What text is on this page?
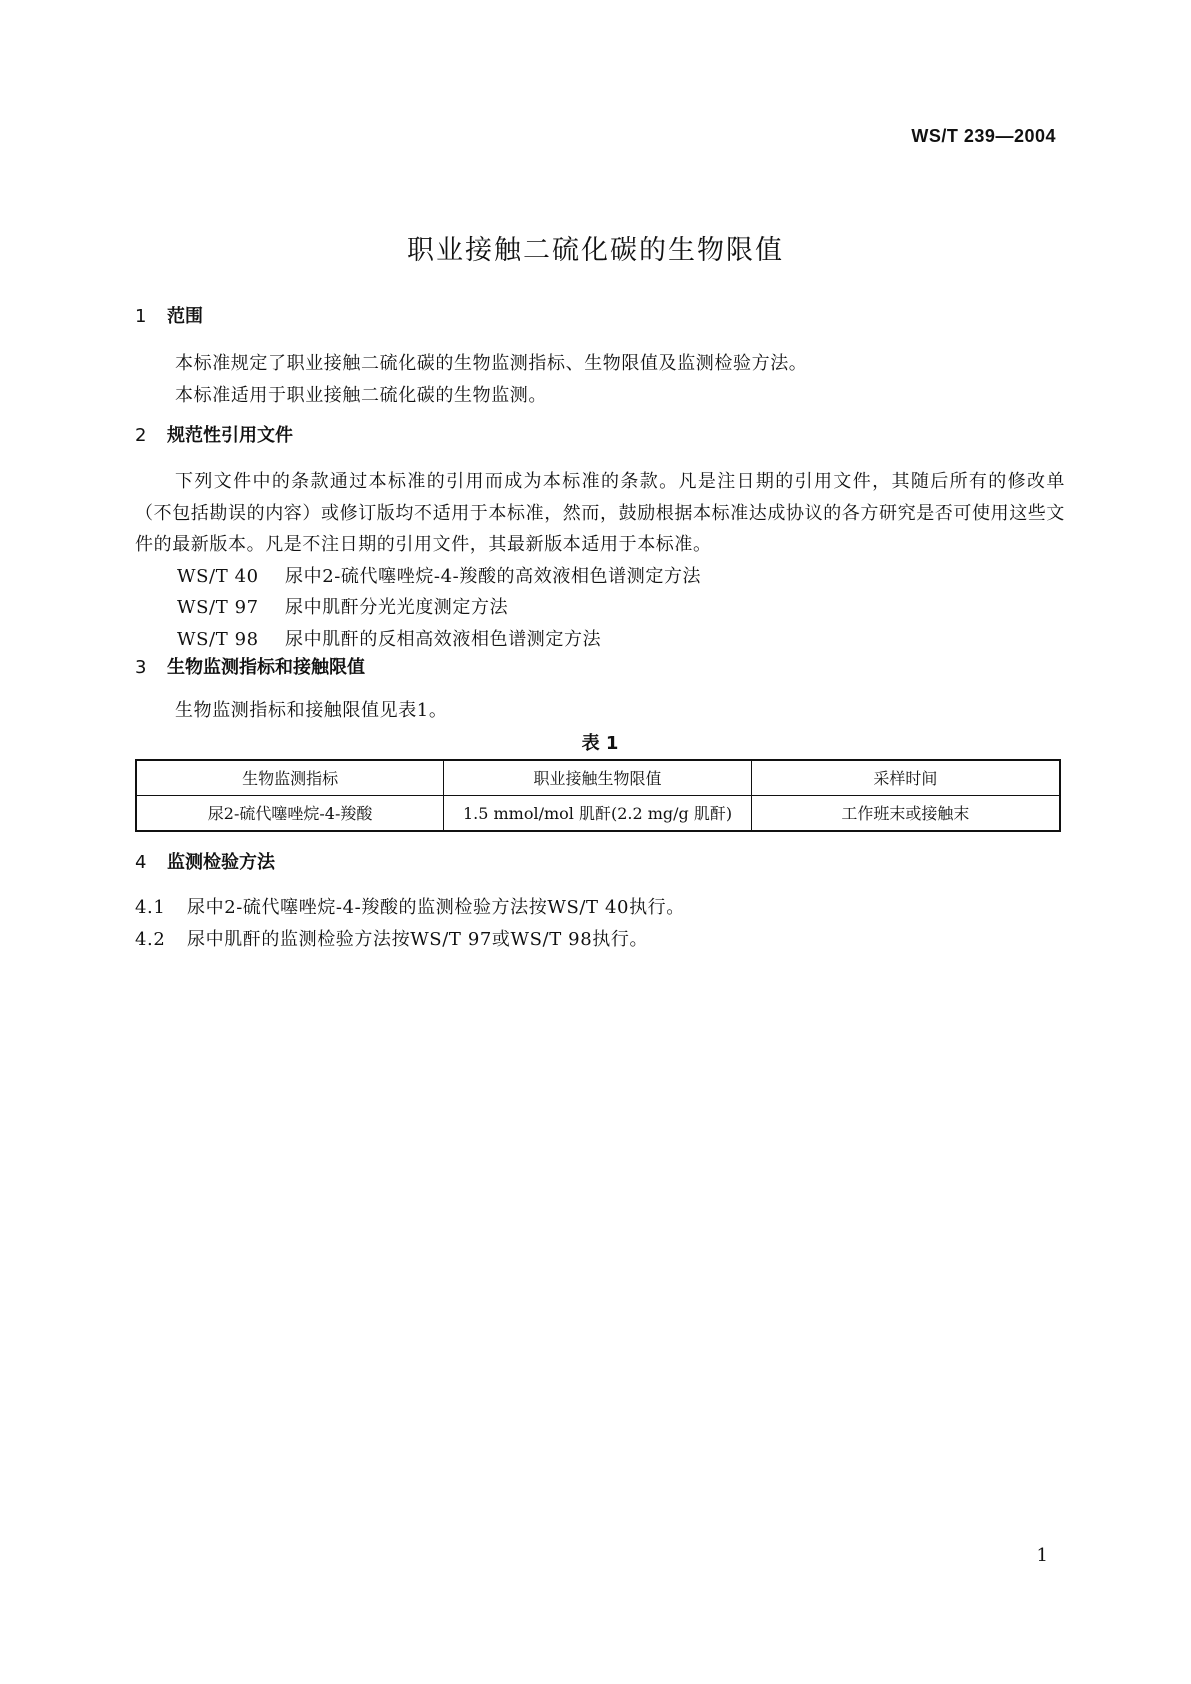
WS/T 239—2004
职业接触二硫化碳的生物限值
1 范围

本标准规定了职业接触二硫化碳的生物监测指标、生物限值及监测检验方法。

本标准适用于职业接触二硫化碳的生物监测。

2 规范性引用文件

下列文件中的条款通过本标准的引用而成为本标准的条款。凡是注日期的引用文件，其随后所有的修改单（不包括勘误的内容）或修订版均不适用于本标准，然而，鼓励根据本标准达成协议的各方研究是否可使用这些文件的最新版本。凡是不注日期的引用文件，其最新版本适用于本标准。

WS/T 40 尿中2-硫代噻唑烷-4-羧酸的高效液相色谱测定方法
WS/T 97 尿中肌酐分光光度测定方法
WS/T 98 尿中肌酐的反相高效液相色谱测定方法
3 生物监测指标和接触限值

生物监测指标和接触限值见表1。

表 1
生物监测指标	职业接触生物限值	采样时间
尿2-硫代噻唑烷-4-羧酸	1.5 mmol/mol 肌酐(2.2 mg/g 肌酐)	工作班末或接触末
4 监测检验方法
4.1 尿中2-硫代噻唑烷-4-羧酸的监测检验方法按WS/T 40执行。
4.2 尿中肌酐的监测检验方法按WS/T 97或WS/T 98执行。
1
